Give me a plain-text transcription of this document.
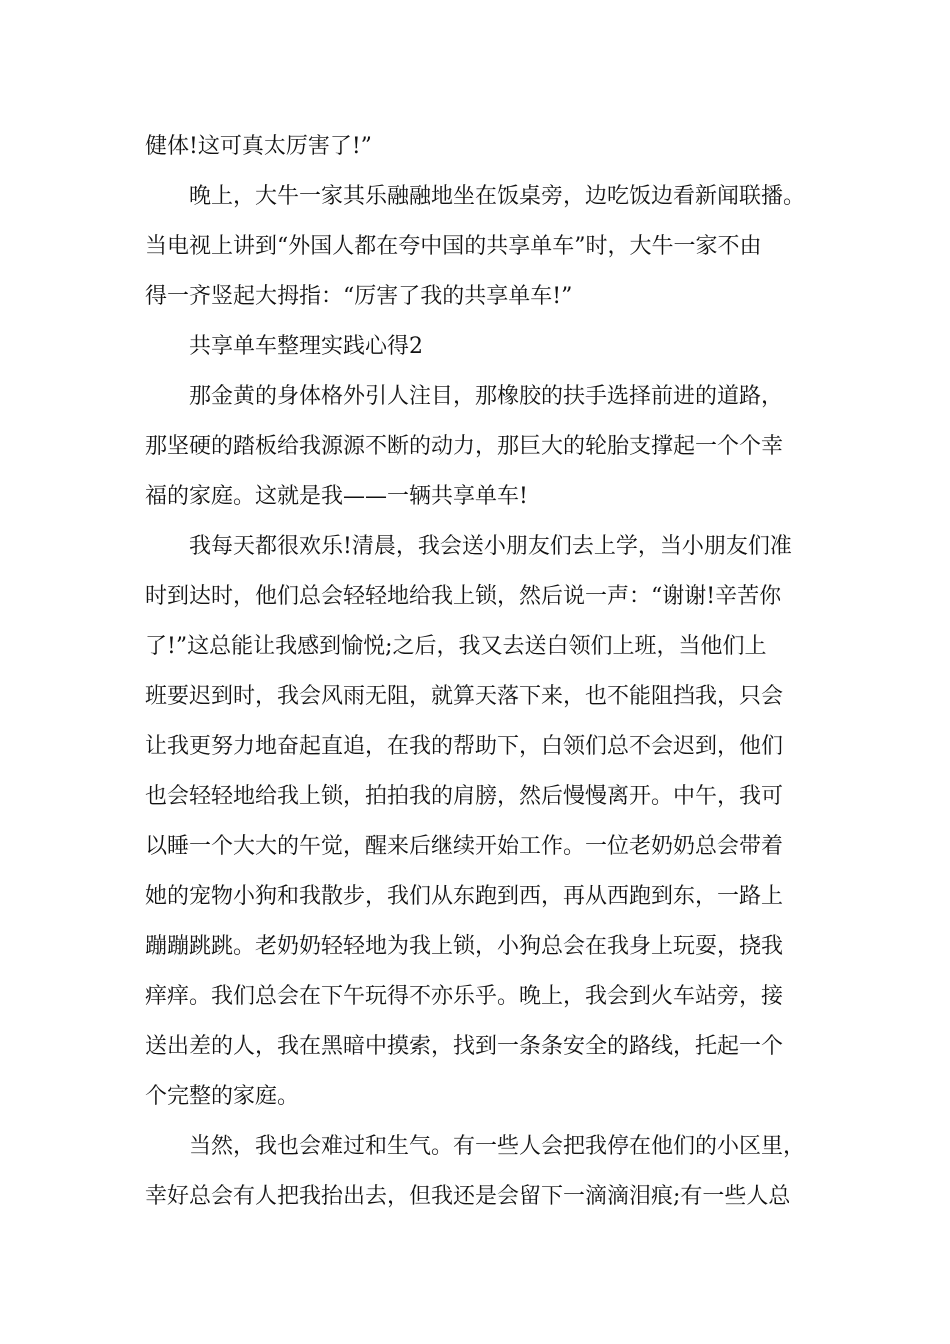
健体!这可真太厉害了!”
晚上，大牛一家其乐融融地坐在饭桌旁，边吃饭边看新闻联播。
当电视上讲到“外国人都在夸中国的共享单车”时，大牛一家不由
得一齐竖起大拇指：“厉害了我的共享单车!”
共享单车整理实践心得2
那金黄的身体格外引人注目，那橡胶的扶手选择前进的道路，
那坚硬的踏板给我源源不断的动力，那巨大的轮胎支撑起一个个幸
福的家庭。这就是我——一辆共享单车!
我每天都很欢乐!清晨，我会送小朋友们去上学，当小朋友们准
时到达时，他们总会轻轻地给我上锁，然后说一声：“谢谢!辛苦你
了!”这总能让我感到愉悦;之后，我又去送白领们上班，当他们上
班要迟到时，我会风雨无阻，就算天落下来，也不能阻挡我，只会
让我更努力地奋起直追，在我的帮助下，白领们总不会迟到，他们
也会轻轻地给我上锁，拍拍我的肩膀，然后慢慢离开。中午，我可
以睡一个大大的午觉，醒来后继续开始工作。一位老奶奶总会带着
她的宠物小狗和我散步，我们从东跑到西，再从西跑到东，一路上
蹦蹦跳跳。老奶奶轻轻地为我上锁，小狗总会在我身上玩耍，挠我
痒痒。我们总会在下午玩得不亦乐乎。晚上，我会到火车站旁，接
送出差的人，我在黑暗中摸索，找到一条条安全的路线，托起一个
个完整的家庭。
当然，我也会难过和生气。有一些人会把我停在他们的小区里，
幸好总会有人把我抬出去，但我还是会留下一滴滴泪痕;有一些人总
